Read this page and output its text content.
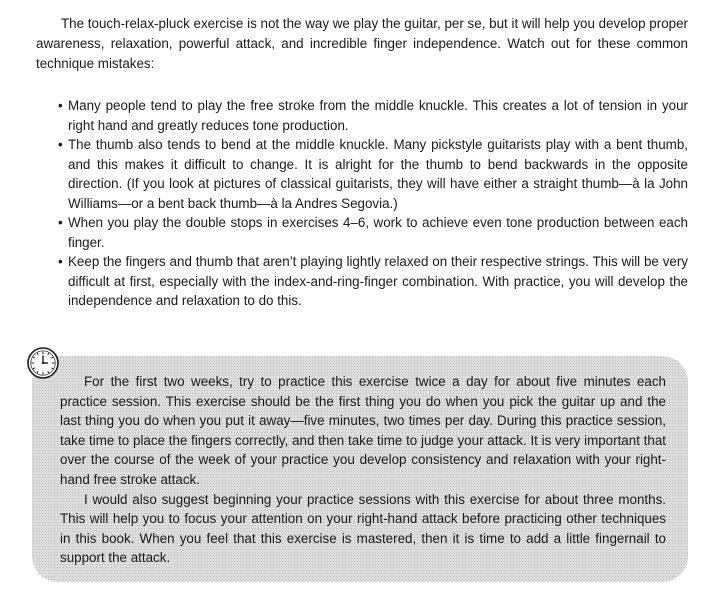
The touch-relax-pluck exercise is not the way we play the guitar, per se, but it will help you develop proper awareness, relaxation, powerful attack, and incredible finger independence. Watch out for these common technique mistakes:

• Many people tend to play the free stroke from the middle knuckle. This creates a lot of tension in your right hand and greatly reduces tone production.
• The thumb also tends to bend at the middle knuckle. Many pickstyle guitarists play with a bent thumb, and this makes it difficult to change. It is alright for the thumb to bend backwards in the opposite direction. (If you look at pictures of classical guitarists, they will have either a straight thumb—à la John Williams—or a bent back thumb—à la Andres Segovia.)
• When you play the double stops in exercises 4–6, work to achieve even tone production between each finger.
• Keep the fingers and thumb that aren’t playing lightly relaxed on their respective strings. This will be very difficult at first, especially with the index-and-ring-finger combination. With practice, you will develop the independence and relaxation to do this.

For the first two weeks, try to practice this exercise twice a day for about five minutes each practice session. This exercise should be the first thing you do when you pick the guitar up and the last thing you do when you put it away—five minutes, two times per day. During this practice session, take time to place the fingers correctly, and then take time to judge your attack. It is very important that over the course of the week of your practice you develop consistency and relaxation with your right-hand free stroke attack.

I would also suggest beginning your practice sessions with this exercise for about three months. This will help you to focus your attention on your right-hand attack before practicing other techniques in this book. When you feel that this exercise is mastered, then it is time to add a little fingernail to support the attack.
